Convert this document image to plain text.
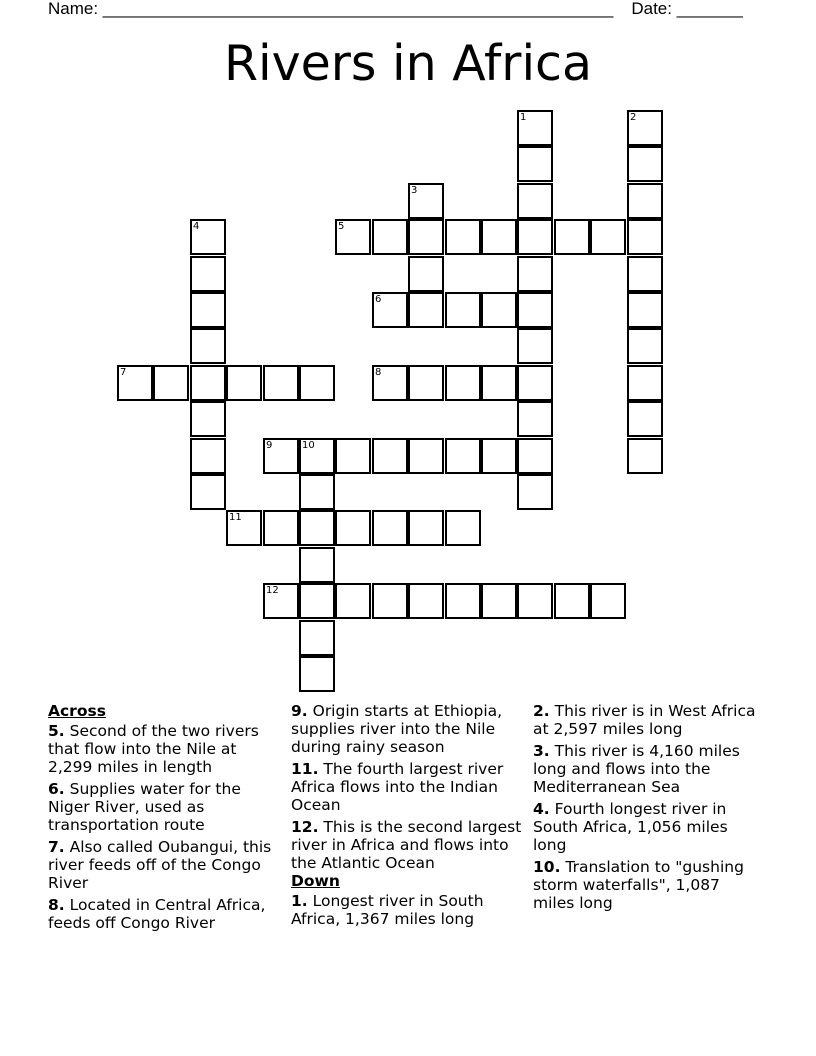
Name: ______________________________________________________ Date: _______
Rivers in Africa
1	2
3
4	5
6
7	8
9	10
11
12
Across
5. Second of the two rivers that flow into the Nile at 2,299 miles in length
6. Supplies water for the Niger River, used as transportation route
7. Also called Oubangui, this river feeds off of the Congo River
8. Located in Central Africa, feeds off Congo River
9. Origin starts at Ethiopia, supplies river into the Nile during rainy season
11. The fourth largest river Africa flows into the Indian Ocean
12. This is the second largest river in Africa and flows into the Atlantic Ocean
Down
1. Longest river in South Africa, 1,367 miles long
2. This river is in West Africa at 2,597 miles long
3. This river is 4,160 miles long and flows into the Mediterranean Sea
4. Fourth longest river in South Africa, 1,056 miles long
10. Translation to "gushing storm waterfalls", 1,087 miles long
